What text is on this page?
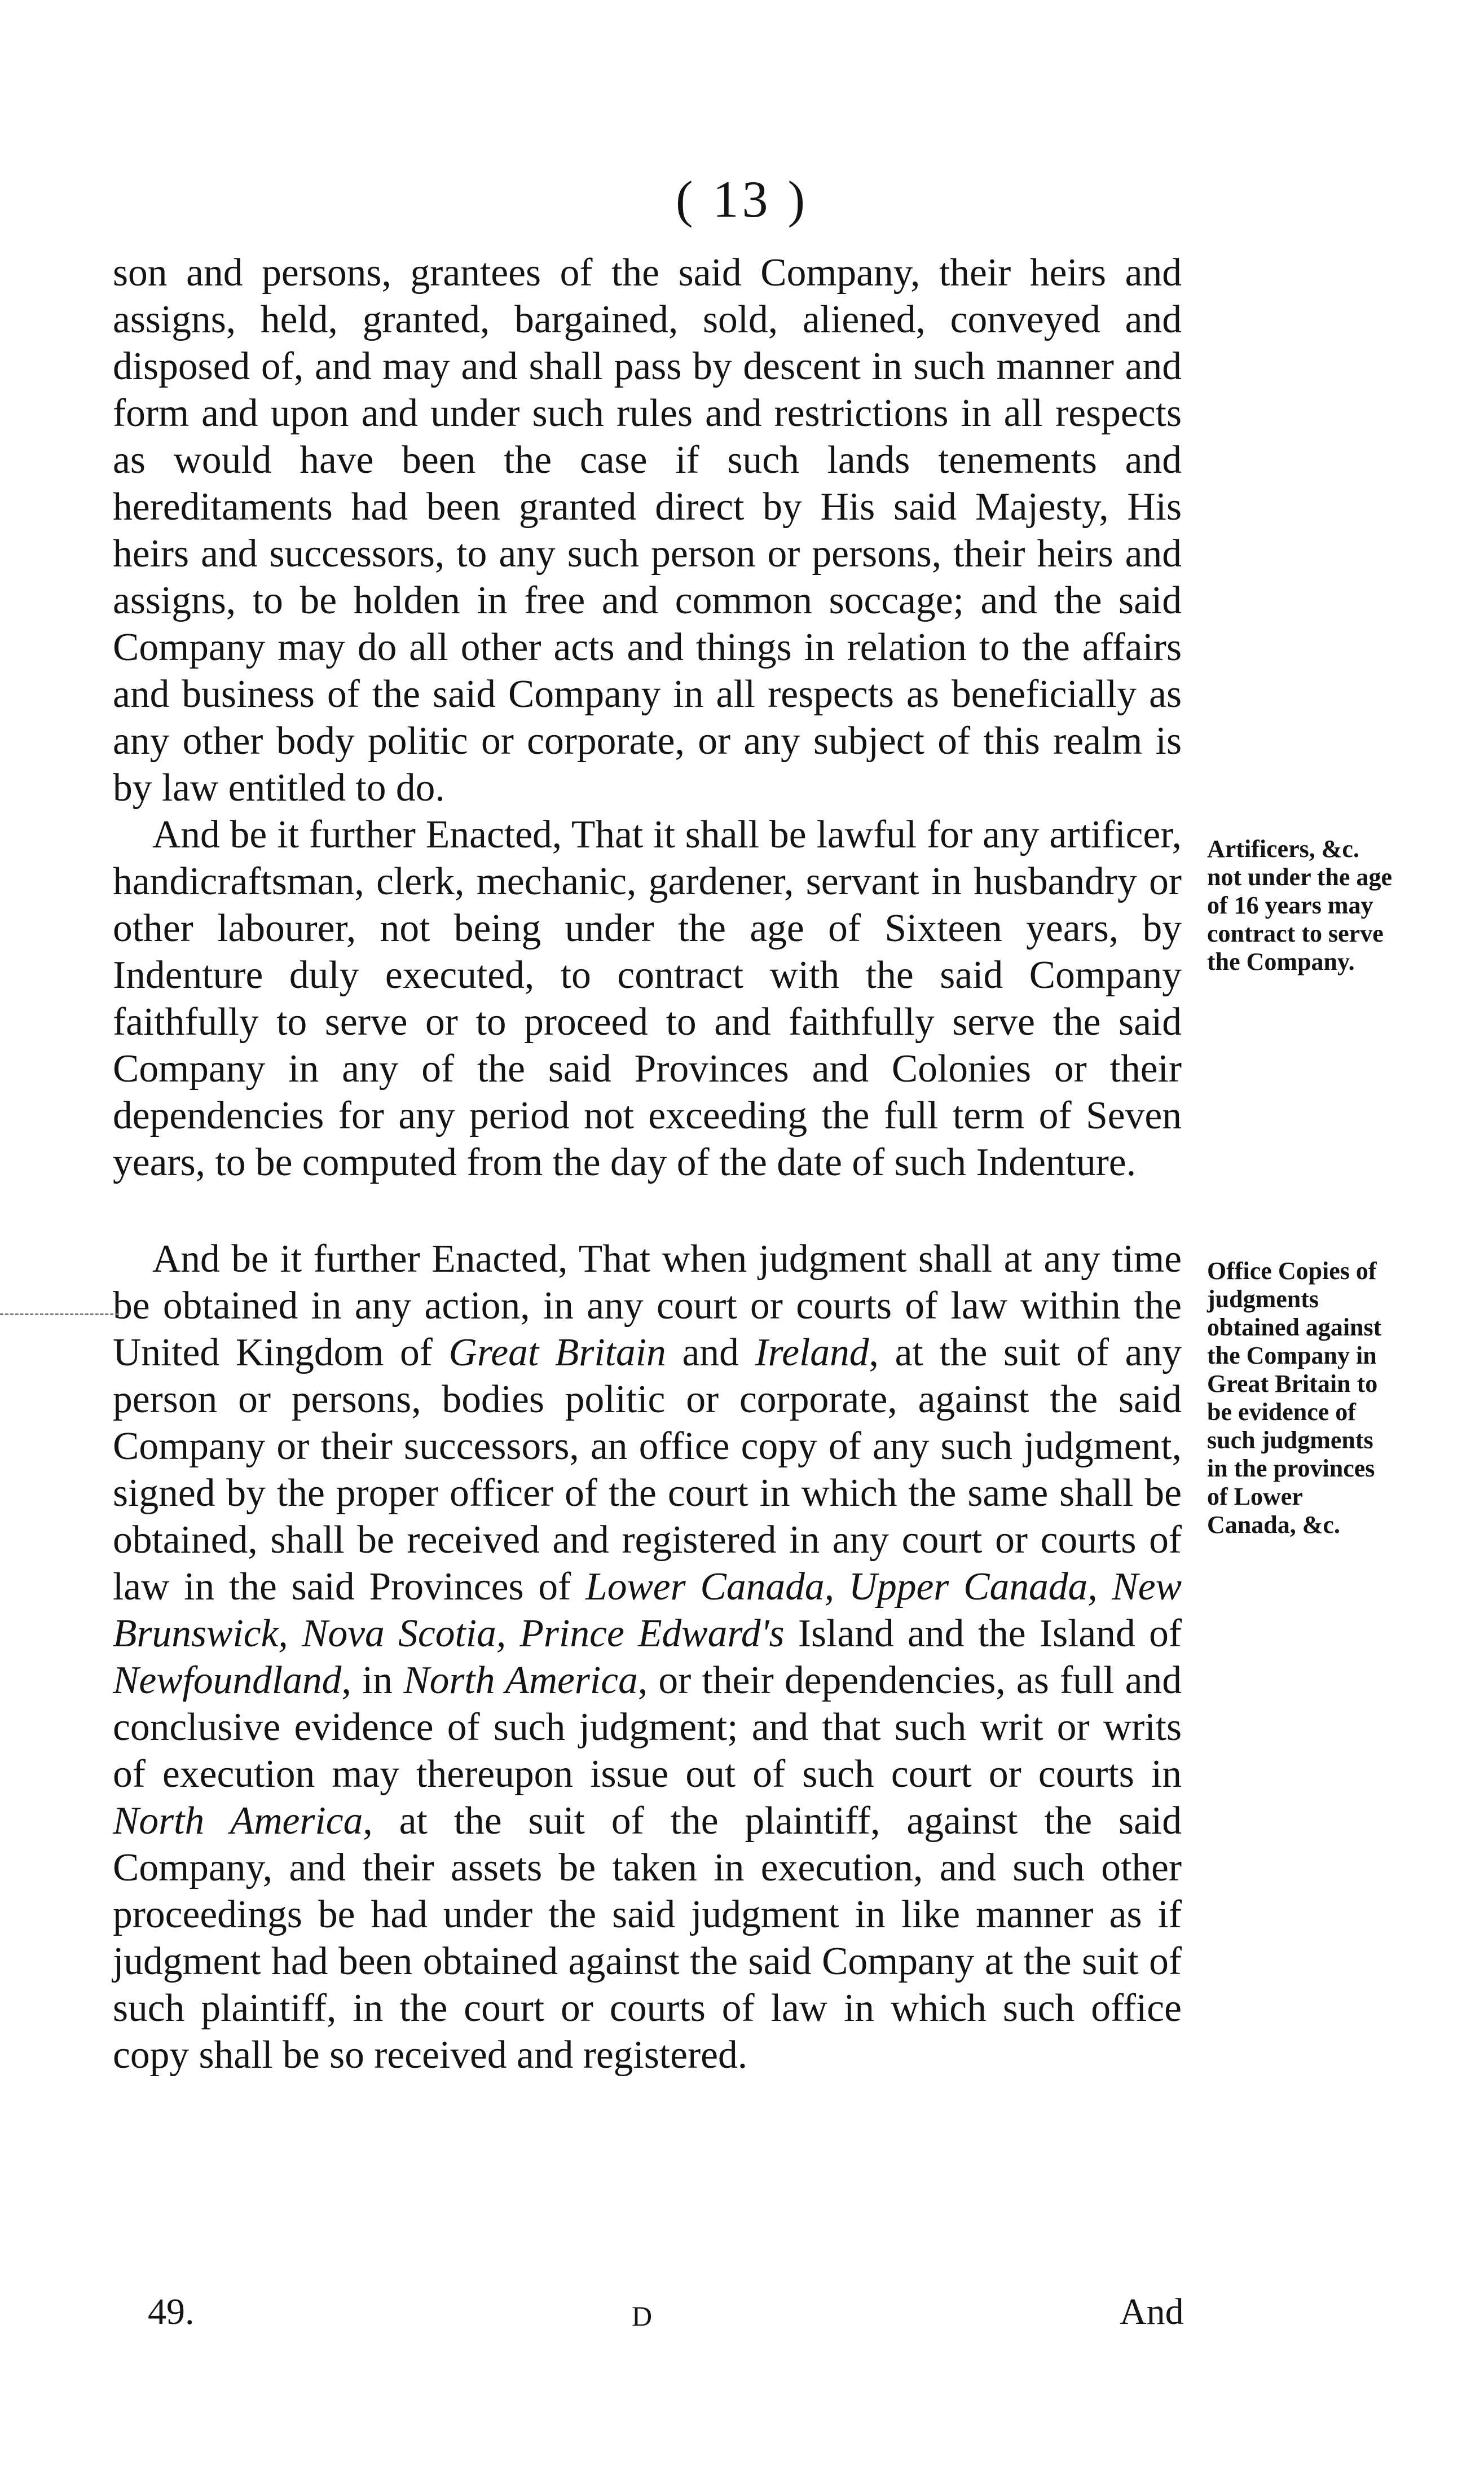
( 13 )

son and persons, grantees of the said Company, their heirs and assigns, held, granted, bargained, sold, aliened, conveyed and disposed of, and may and shall pass by descent in such manner and form and upon and under such rules and restrictions in all respects as would have been the case if such lands tenements and hereditaments had been granted direct by His said Majesty, His heirs and successors, to any such person or persons, their heirs and assigns, to be holden in free and common soccage; and the said Company may do all other acts and things in relation to the affairs and business of the said Company in all respects as beneficially as any other body politic or corporate, or any subject of this realm is by law entitled to do.

And be it further Enacted, That it shall be lawful for any artificer, handicraftsman, clerk, mechanic, gardener, servant in husbandry or other labourer, not being under the age of Sixteen years, by Indenture duly executed, to contract with the said Company faithfully to serve or to proceed to and faithfully serve the said Company in any of the said Provinces and Colonies or their dependencies for any period not exceeding the full term of Seven years, to be computed from the day of the date of such Indenture.

And be it further Enacted, That when judgment shall at any time be obtained in any action, in any court or courts of law within the United Kingdom of Great Britain and Ireland, at the suit of any person or persons, bodies politic or corporate, against the said Company or their successors, an office copy of any such judgment, signed by the proper officer of the court in which the same shall be obtained, shall be received and registered in any court or courts of law in the said Provinces of Lower Canada, Upper Canada, New Brunswick, Nova Scotia, Prince Edward's Island and the Island of Newfoundland, in North America, or their dependencies, as full and conclusive evidence of such judgment; and that such writ or writs of execution may thereupon issue out of such court or courts in North America, at the suit of the plaintiff, against the said Company, and their assets be taken in execution, and such other proceedings be had under the said judgment in like manner as if judgment had been obtained against the said Company at the suit of such plaintiff, in the court or courts of law in which such office copy shall be so received and registered.

Artificers, &c. not under the age of 16 years may contract to serve the Company.

Office Copies of judgments obtained against the Company in Great Britain to be evidence of such judgments in the provinces of Lower Canada, &c.

49.	D	And
